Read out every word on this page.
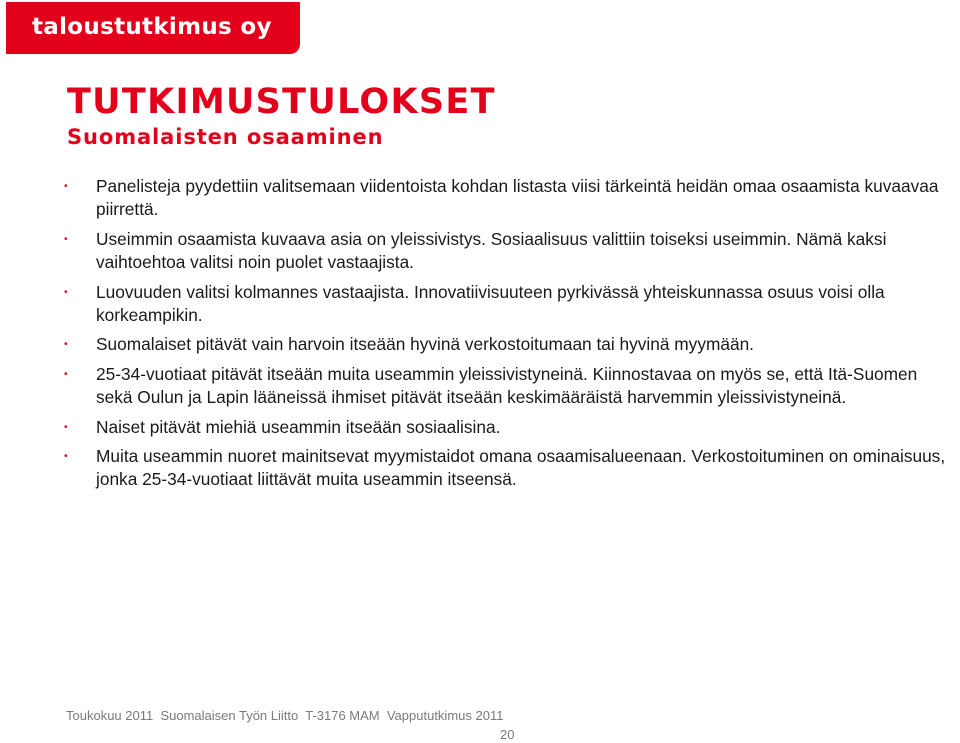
taloustutkimus oy
TUTKIMUSTULOKSET
Suomalaisten osaaminen
• Panelisteja pyydettiin valitsemaan viidentoista kohdan listasta viisi tärkeintä heidän omaa osaamista kuvaavaa piirrettä.
• Useimmin osaamista kuvaava asia on yleissivistys. Sosiaalisuus valittiin toiseksi useimmin. Nämä kaksi vaihtoehtoa valitsi noin puolet vastaajista.
• Luovuuden valitsi kolmannes vastaajista. Innovatiivisuuteen pyrkivässä yhteiskunnassa osuus voisi olla korkeampikin.
• Suomalaiset pitävät vain harvoin itseään hyvinä verkostoitumaan tai hyvinä myymään.
• 25-34-vuotiaat pitävät itseään muita useammin yleissivistyneinä. Kiinnostavaa on myös se, että Itä-Suomen sekä Oulun ja Lapin lääneissä ihmiset pitävät itseään keskimääräistä harvemmin yleissivistyneinä.
• Naiset pitävät miehiä useammin itseään sosiaalisina.
• Muita useammin nuoret mainitsevat myymistaidot omana osaamisalueenaan. Verkostoituminen on ominaisuus, jonka 25-34-vuotiaat liittävät muita useammin itseensä.
Toukokuu 2011  Suomalaisen Työn Liitto  T-3176 MAM  Vappututkimus 2011
20
